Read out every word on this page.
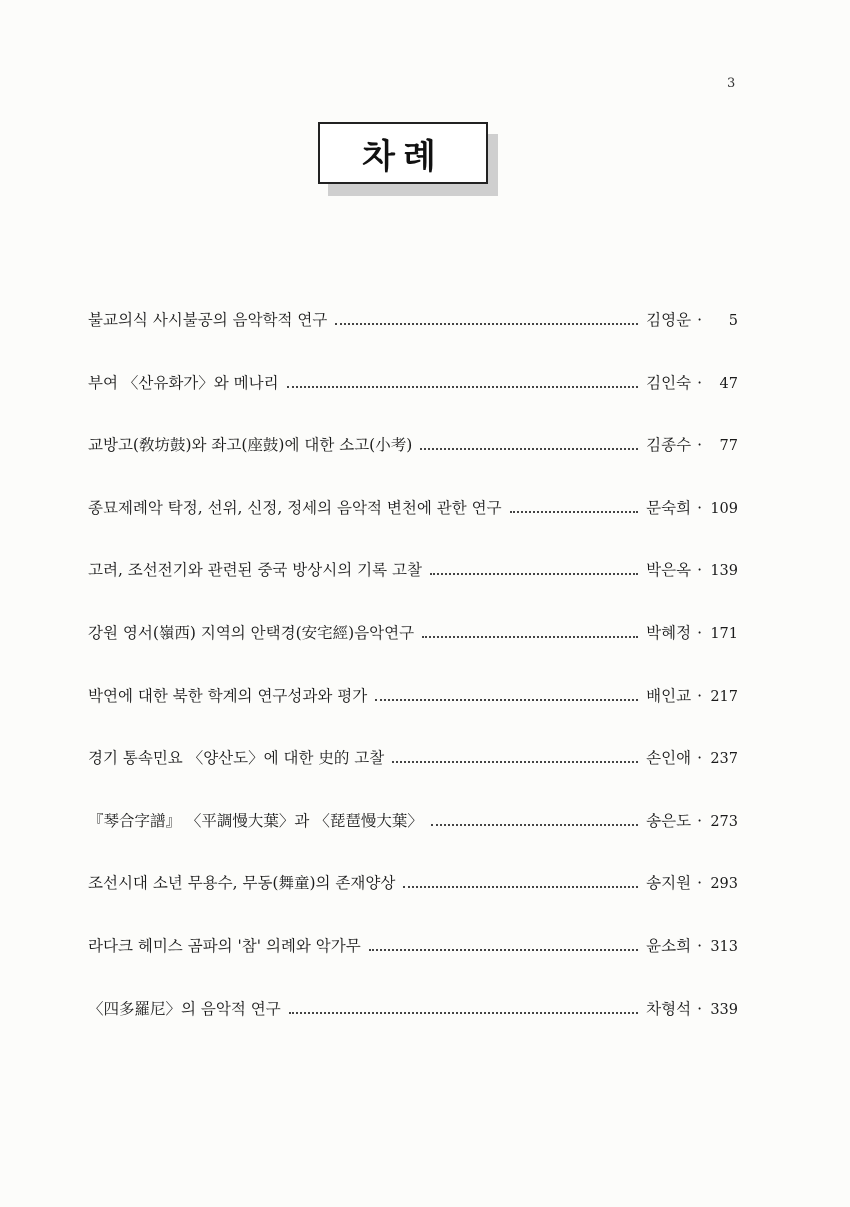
3
차례
불교의식 사시불공의 음악학적 연구	김영운 ·	5
부여 〈산유화가〉와 메나리	김인숙 ·	47
교방고(敎坊鼓)와 좌고(座鼓)에 대한 소고(小考)	김종수 ·	77
종묘제례악 탁정, 선위, 신정, 정세의 음악적 변천에 관한 연구	문숙희 · 109
고려, 조선전기와 관련된 중국 방상시의 기록 고찰	박은옥 · 139
강원 영서(嶺西) 지역의 안택경(安宅經)음악연구	박혜정 · 171
박연에 대한 북한 학계의 연구성과와 평가	배인교 · 217
경기 통속민요 〈양산도〉에 대한 史的 고찰	손인애 · 237
『琴合字譜』 〈平調慢大葉〉과 〈琵琶慢大葉〉	송은도 · 273
조선시대 소년 무용수, 무동(舞童)의 존재양상	송지원 · 293
라다크 헤미스 곰파의 '참' 의례와 악가무	윤소희 · 313
〈四多羅尼〉의 음악적 연구	차형석 · 339
